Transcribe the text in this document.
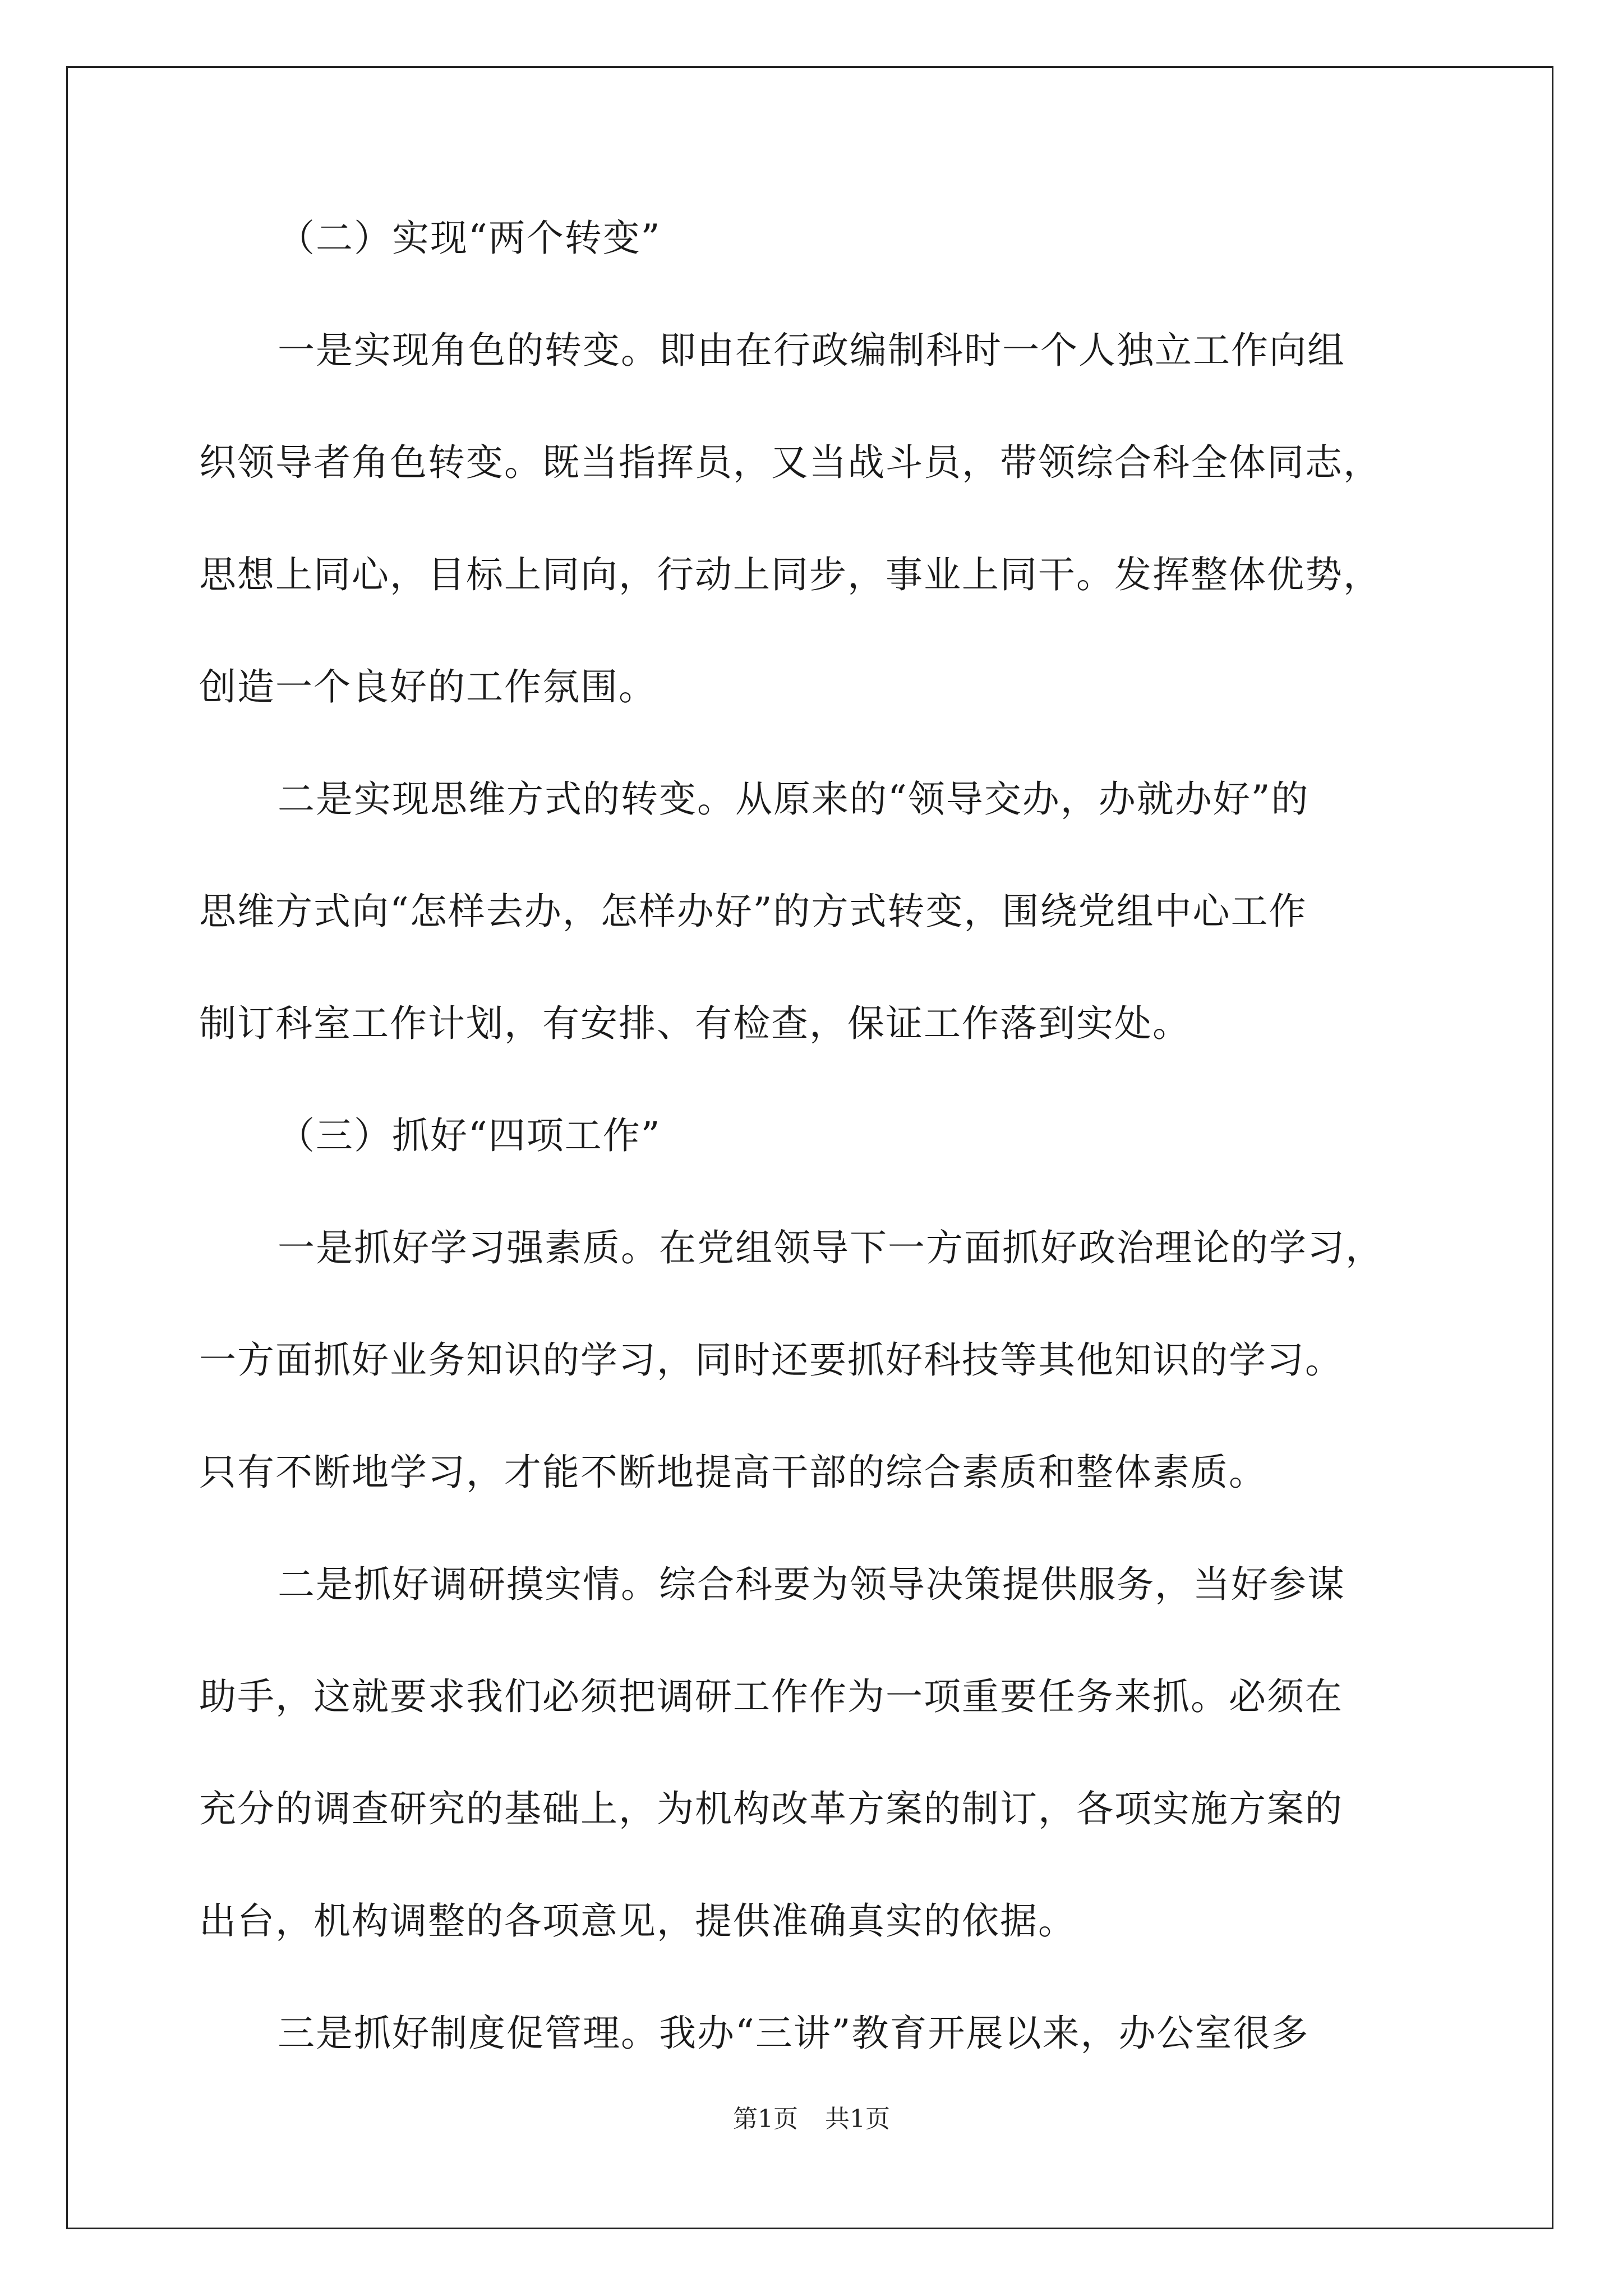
（二）实现“两个转变”
一是实现角色的转变。即由在行政编制科时一个人独立工作向组
织领导者角色转变。既当指挥员，又当战斗员，带领综合科全体同志，
思想上同心，目标上同向，行动上同步，事业上同干。发挥整体优势，
创造一个良好的工作氛围。
二是实现思维方式的转变。从原来的“领导交办，办就办好”的
思维方式向“怎样去办，怎样办好”的方式转变，围绕党组中心工作
制订科室工作计划，有安排、有检查，保证工作落到实处。
（三）抓好“四项工作”
一是抓好学习强素质。在党组领导下一方面抓好政治理论的学习，
一方面抓好业务知识的学习，同时还要抓好科技等其他知识的学习。
只有不断地学习，才能不断地提高干部的综合素质和整体素质。
二是抓好调研摸实情。综合科要为领导决策提供服务，当好参谋
助手，这就要求我们必须把调研工作作为一项重要任务来抓。必须在
充分的调查研究的基础上，为机构改革方案的制订，各项实施方案的
出台，机构调整的各项意见，提供准确真实的依据。
三是抓好制度促管理。我办“三讲”教育开展以来，办公室很多
第1页 共1页
